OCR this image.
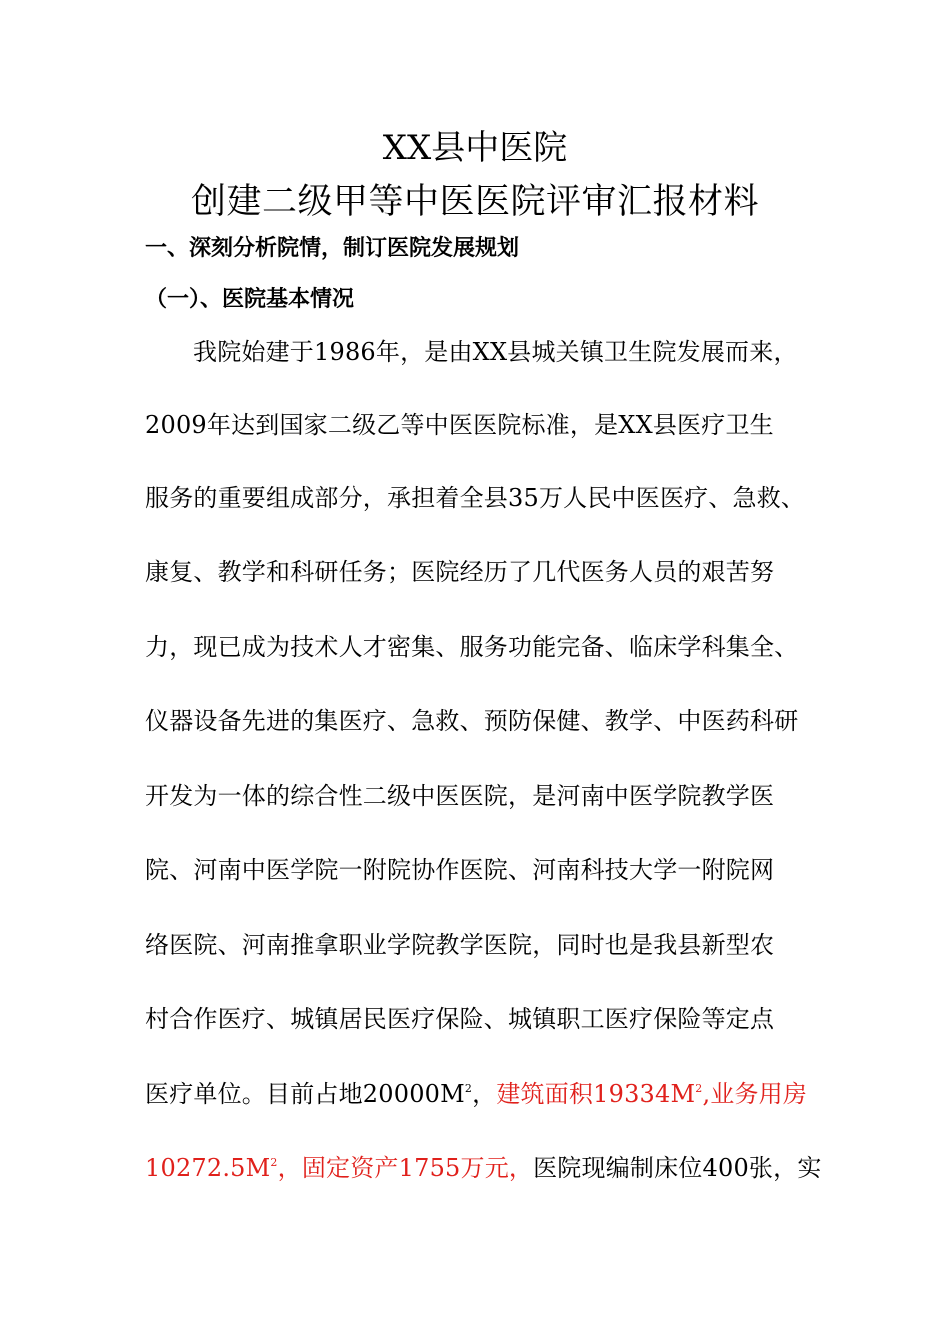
XX县中医院
创建二级甲等中医医院评审汇报材料
一、深刻分析院情，制订医院发展规划
（一）、医院基本情况
我院始建于1986年，是由XX县城关镇卫生院发展而来，
2009年达到国家二级乙等中医医院标准，是XX县医疗卫生
服务的重要组成部分，承担着全县35万人民中医医疗、急救、
康复、教学和科研任务；医院经历了几代医务人员的艰苦努
力，现已成为技术人才密集、服务功能完备、临床学科集全、
仪器设备先进的集医疗、急救、预防保健、教学、中医药科研
开发为一体的综合性二级中医医院，是河南中医学院教学医
院、河南中医学院一附院协作医院、河南科技大学一附院网
络医院、河南推拿职业学院教学医院，同时也是我县新型农
村合作医疗、城镇居民医疗保险、城镇职工医疗保险等定点
医疗单位。目前占地$20000M^2$，建筑面积$19334M^2$,业务用房
$10272.5M^2$，固定资产1755万元，医院现编制床位400张，实
